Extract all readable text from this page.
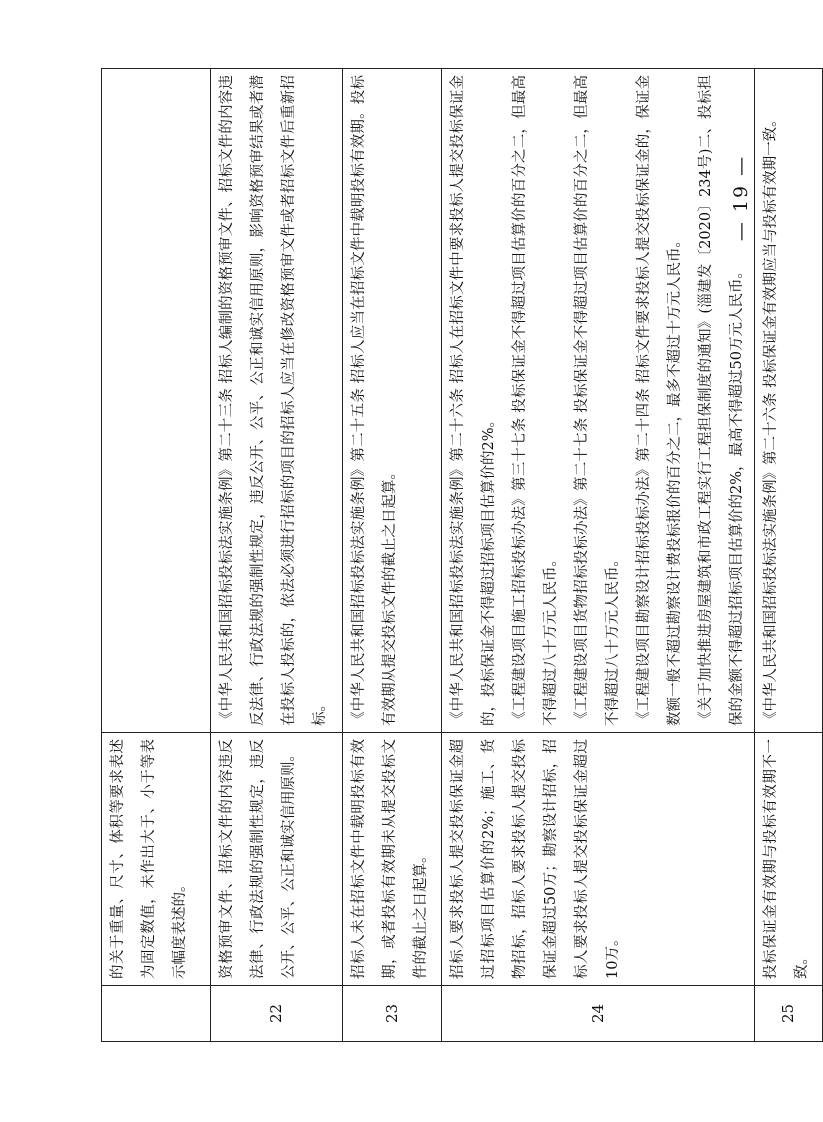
	的关于重量、尺寸、体积等要求表述为固定数值，未作出大于、小于等表示幅度表述的。	

22	资格预审文件、招标文件的内容违反法律、行政法规的强制性规定，违反公开、公平、公正和诚实信用原则。	《中华人民共和国招标投标法实施条例》第二十三条 招标人编制的资格预审文件、招标文件的内容违反法律、行政法规的强制性规定，违反公开、公平、公正和诚实信用原则，影响资格预审结果或者潜在投标人投标的，依法必须进行招标的项目的招标人应当在修改资格预审文件或者招标文件后重新招标。

23	招标人未在招标文件中载明投标有效期，或者投标有效期未从提交投标文件的截止之日起算。	《中华人民共和国招标投标法实施条例》第二十五条 招标人应当在招标文件中载明投标有效期。投标有效期从提交投标文件的截止之日起算。

24	招标人要求投标人提交投标保证金超过招标项目估算价的2%；施工、货物招标，招标人要求投标人提交投标保证金超过50万；勘察设计招标，招标人要求投标人提交投标保证金超过10万。	《中华人民共和国招标投标法实施条例》第二十六条 招标人在招标文件中要求投标人提交投标保证金的，投标保证金不得超过招标项目估算价的2%。 《工程建设项目施工招标投标办法》第三十七条 投标保证金不得超过项目估算价的百分之二，但最高不得超过八十万元人民币。 《工程建设项目货物招标投标办法》第二十七条 投标保证金不得超过项目估算价的百分之二，但最高不得超过八十万元人民币。 《工程建设项目勘察设计招标投标办法》第二十四条 招标文件要求投标人提交投标保证金的，保证金数额一般不超过勘察设计费投标报价的百分之二，最多不超过十万元人民币。 《关于加快推进房屋建筑和市政工程实行工程担保制度的通知》(淄建发〔2020〕234号)二、投标担保的金额不得超过招标项目估算价的2%，最高不得超过50万元人民币。

25	投标保证金有效期与投标有效期不一致。	《中华人民共和国招标投标法实施条例》第二十六条 投标保证金有效期应当与投标有效期一致。
— 19 —
